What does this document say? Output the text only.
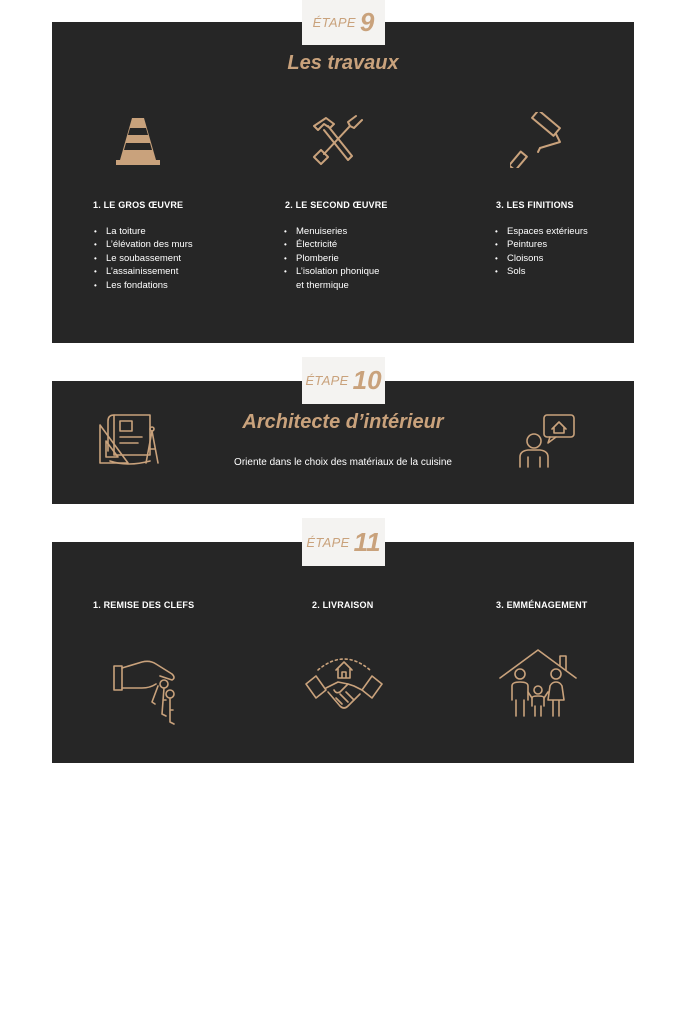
Les travaux
1. LE GROS ŒUVRE
• La toiture
• L’élévation des murs
• Le soubassement
• L’assainissement
• Les fondations
2. LE SECOND ŒUVRE
• Menuiseries
• Électricité
• Plomberie
• L’isolation phonique
et thermique
3. LES FINITIONS
• Espaces extérieurs
• Peintures
• Cloisons
• Sols
ÉTAPE 9
Architecte d’intérieur
Oriente dans le choix des matériaux de la cuisine
ÉTAPE 10
1. REMISE DES CLEFS	2. LIVRAISON	3. EMMÉNAGEMENT
ÉTAPE 11
